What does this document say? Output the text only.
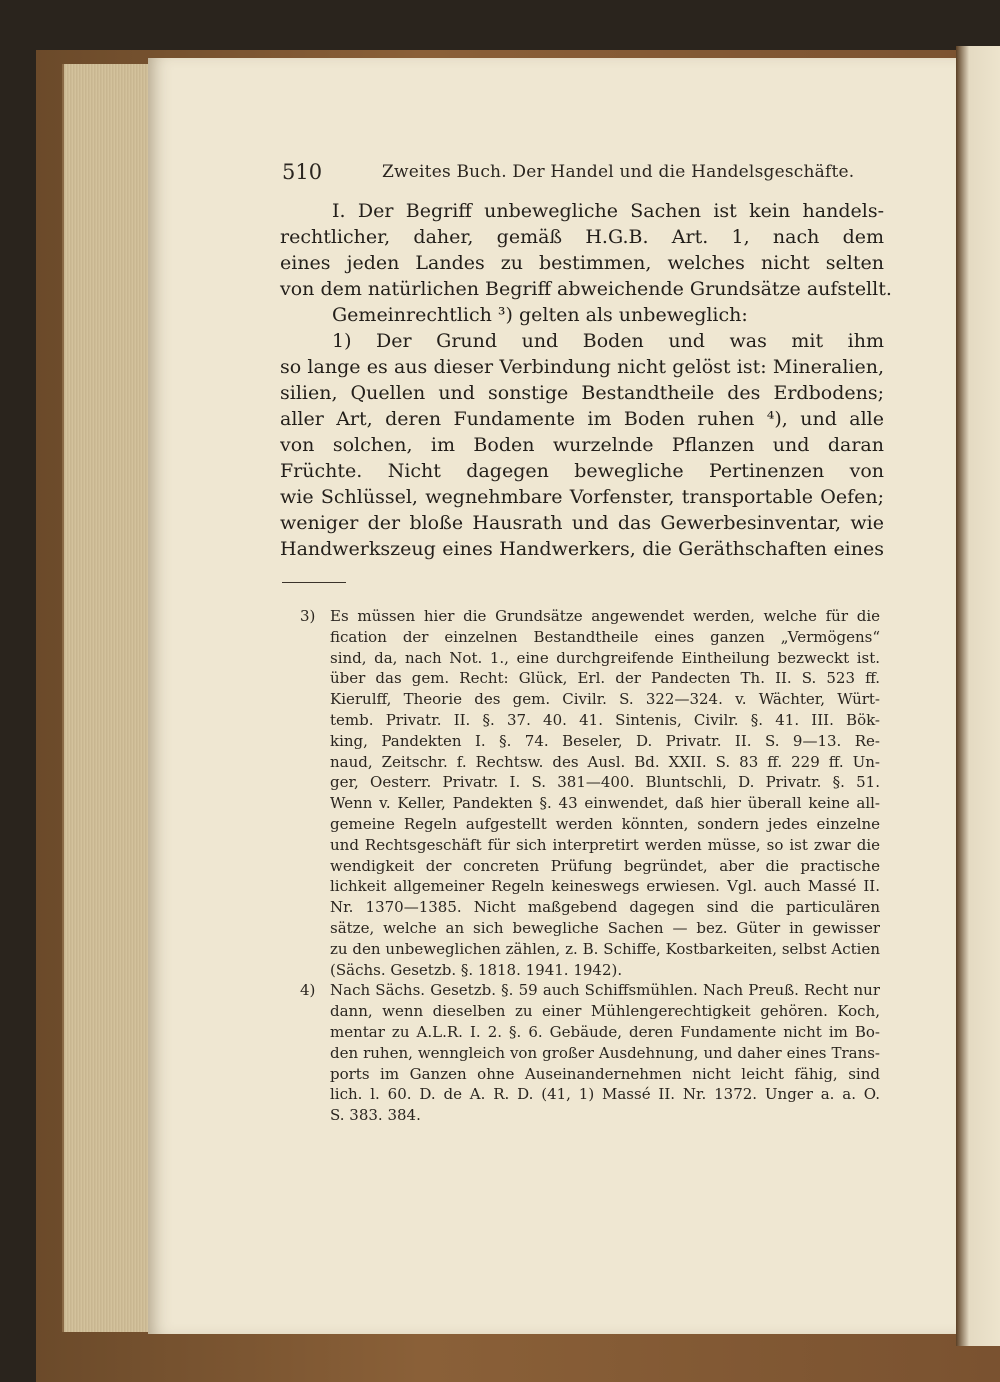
510	Zweites Buch. Der Handel und die Handelsgeschäfte.
I. Der Begriff unbewegliche Sachen ist kein handels-
rechtlicher, daher, gemäß H.G.B. Art. 1, nach dem
eines jeden Landes zu bestimmen, welches nicht selten
von dem natürlichen Begriff abweichende Grundsätze aufstellt.
Gemeinrechtlich ³) gelten als unbeweglich:
1) Der Grund und Boden und was mit ihm
so lange es aus dieser Verbindung nicht gelöst ist: Mineralien,
silien, Quellen und sonstige Bestandtheile des Erdbodens;
aller Art, deren Fundamente im Boden ruhen ⁴), und alle
von solchen, im Boden wurzelnde Pflanzen und daran
Früchte. Nicht dagegen bewegliche Pertinenzen von
wie Schlüssel, wegnehmbare Vorfenster, transportable Oefen;
weniger der bloße Hausrath und das Gewerbesinventar, wie
Handwerkszeug eines Handwerkers, die Geräthschaften eines
3) Es müssen hier die Grundsätze angewendet werden, welche für die
fication der einzelnen Bestandtheile eines ganzen „Vermögens“
sind, da, nach Not. 1., eine durchgreifende Eintheilung bezweckt ist.
über das gem. Recht: Glück, Erl. der Pandecten Th. II. S. 523 ff.
Kierulff, Theorie des gem. Civilr. S. 322—324. v. Wächter, Würt-
temb. Privatr. II. §. 37. 40. 41. Sintenis, Civilr. §. 41. III. Bök-
king, Pandekten I. §. 74. Beseler, D. Privatr. II. S. 9—13. Re-
naud, Zeitschr. f. Rechtsw. des Ausl. Bd. XXII. S. 83 ff. 229 ff. Un-
ger, Oesterr. Privatr. I. S. 381—400. Bluntschli, D. Privatr. §. 51.
Wenn v. Keller, Pandekten §. 43 einwendet, daß hier überall keine all-
gemeine Regeln aufgestellt werden könnten, sondern jedes einzelne
und Rechtsgeschäft für sich interpretirt werden müsse, so ist zwar die
wendigkeit der concreten Prüfung begründet, aber die practische
lichkeit allgemeiner Regeln keineswegs erwiesen. Vgl. auch Massé II.
Nr. 1370—1385. Nicht maßgebend dagegen sind die particulären
sätze, welche an sich bewegliche Sachen — bez. Güter in gewisser
zu den unbeweglichen zählen, z. B. Schiffe, Kostbarkeiten, selbst Actien
(Sächs. Gesetzb. §. 1818. 1941. 1942).
4) Nach Sächs. Gesetzb. §. 59 auch Schiffsmühlen. Nach Preuß. Recht nur
dann, wenn dieselben zu einer Mühlengerechtigkeit gehören. Koch,
mentar zu A.L.R. I. 2. §. 6. Gebäude, deren Fundamente nicht im Bo-
den ruhen, wenngleich von großer Ausdehnung, und daher eines Trans-
ports im Ganzen ohne Auseinandernehmen nicht leicht fähig, sind
lich. l. 60. D. de A. R. D. (41, 1) Massé II. Nr. 1372. Unger a. a. O.
S. 383. 384.
